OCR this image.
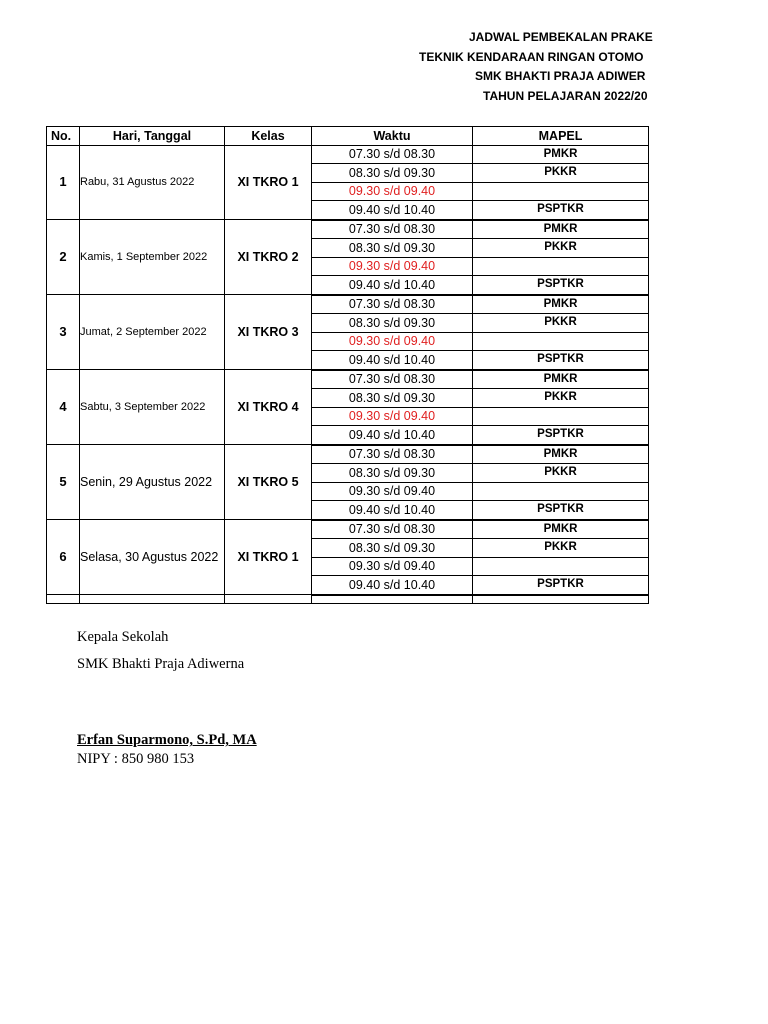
JADWAL PEMBEKALAN PRAKE
TEKNIK KENDARAAN RINGAN OTOMO
SMK BHAKTI PRAJA ADIWER
TAHUN PELAJARAN 2022/20
No.	Hari, Tanggal	Kelas	Waktu	MAPEL
1	Rabu, 31 Agustus 2022	XI TKRO 1	07.30 s/d 08.30	PMKR
			08.30 s/d 09.30	PKKR
			09.30 s/d 09.40	
			09.40 s/d 10.40	PSPTKR
2	Kamis, 1 September 2022	XI TKRO 2	07.30 s/d 08.30	PMKR
			08.30 s/d 09.30	PKKR
			09.30 s/d 09.40	
			09.40 s/d 10.40	PSPTKR
3	Jumat, 2 September 2022	XI TKRO 3	07.30 s/d 08.30	PMKR
			08.30 s/d 09.30	PKKR
			09.30 s/d 09.40	
			09.40 s/d 10.40	PSPTKR
4	Sabtu, 3 September 2022	XI TKRO 4	07.30 s/d 08.30	PMKR
			08.30 s/d 09.30	PKKR
			09.30 s/d 09.40	
			09.40 s/d 10.40	PSPTKR
5	Senin, 29 Agustus 2022	XI TKRO 5	07.30 s/d 08.30	PMKR
			08.30 s/d 09.30	PKKR
			09.30 s/d 09.40	
			09.40 s/d 10.40	PSPTKR
6	Selasa, 30 Agustus 2022	XI TKRO 1	07.30 s/d 08.30	PMKR
			08.30 s/d 09.30	PKKR
			09.30 s/d 09.40	
			09.40 s/d 10.40	PSPTKR

Kepala Sekolah
SMK Bhakti Praja Adiwerna
Erfan Suparmono, S.Pd, MA
NIPY : 850 980 153
